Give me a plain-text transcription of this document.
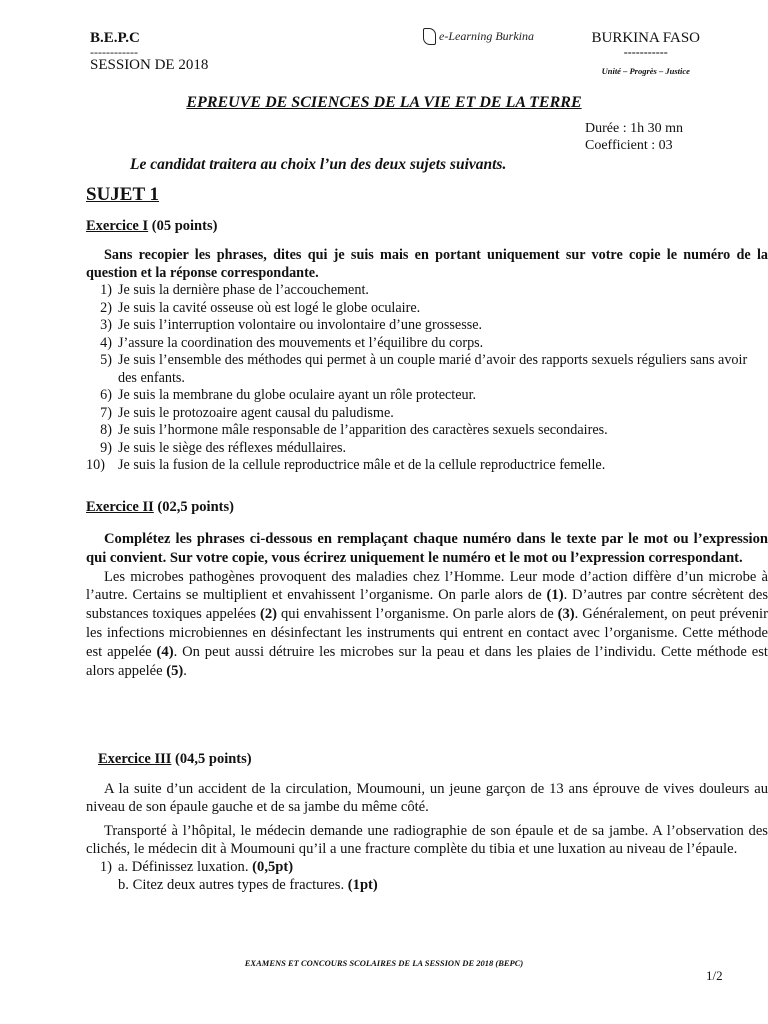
B.E.P.C
------------
SESSION DE 2018
e-Learning Burkina	BURKINA FASO
-----------
Unité – Progrès – Justice
EPREUVE DE SCIENCES DE LA VIE ET DE LA TERRE
Durée : 1h 30 mn
Coefficient : 03
Le candidat traitera au choix l’un des deux sujets suivants.
SUJET 1
Exercice I (05 points)

Sans recopier les phrases, dites qui je suis mais en portant uniquement sur votre copie le numéro de la question et la réponse correspondante.

1) Je suis la dernière phase de l’accouchement.
2) Je suis la cavité osseuse où est logé le globe oculaire.
3) Je suis l’interruption volontaire ou involontaire d’une grossesse.
4) J’assure la coordination des mouvements et l’équilibre du corps.
5) Je suis l’ensemble des méthodes qui permet à un couple marié d’avoir des rapports sexuels réguliers sans avoir des enfants.
6) Je suis la membrane du globe oculaire ayant un rôle protecteur.
7) Je suis le protozoaire agent causal du paludisme.
8) Je suis l’hormone mâle responsable de l’apparition des caractères sexuels secondaires.
9) Je suis le siège des réflexes médullaires.
10) Je suis la fusion de la cellule reproductrice mâle et de la cellule reproductrice femelle.
Exercice II (02,5 points)

Complétez les phrases ci-dessous en remplaçant chaque numéro dans le texte par le mot ou l’expression qui convient. Sur votre copie, vous écrirez uniquement le numéro et le mot ou l’expression correspondant.

Les microbes pathogènes provoquent des maladies chez l’Homme. Leur mode d’action diffère d’un microbe à l’autre. Certains se multiplient et envahissent l’organisme. On parle alors de (1). D’autres par contre sécrètent des substances toxiques appelées (2) qui envahissent l’organisme. On parle alors de (3). Généralement, on peut prévenir les infections microbiennes en désinfectant les instruments qui entrent en contact avec l’organisme. Cette méthode est appelée (4). On peut aussi détruire les microbes sur la peau et dans les plaies de l’individu. Cette méthode est alors appelée (5).

Exercice III (04,5 points)

A la suite d’un accident de la circulation, Moumouni, un jeune garçon de 13 ans éprouve de vives douleurs au niveau de son épaule gauche et de sa jambe du même côté.

Transporté à l’hôpital, le médecin demande une radiographie de son épaule et de sa jambe. A l’observation des clichés, le médecin dit à Moumouni qu’il a une fracture complète du tibia et une luxation au niveau de l’épaule.

1) a. Définissez luxation. (0,5pt)
b. Citez deux autres types de fractures. (1pt)
EXAMENS ET CONCOURS SCOLAIRES DE LA SESSION DE 2018 (BEPC)
1/2
